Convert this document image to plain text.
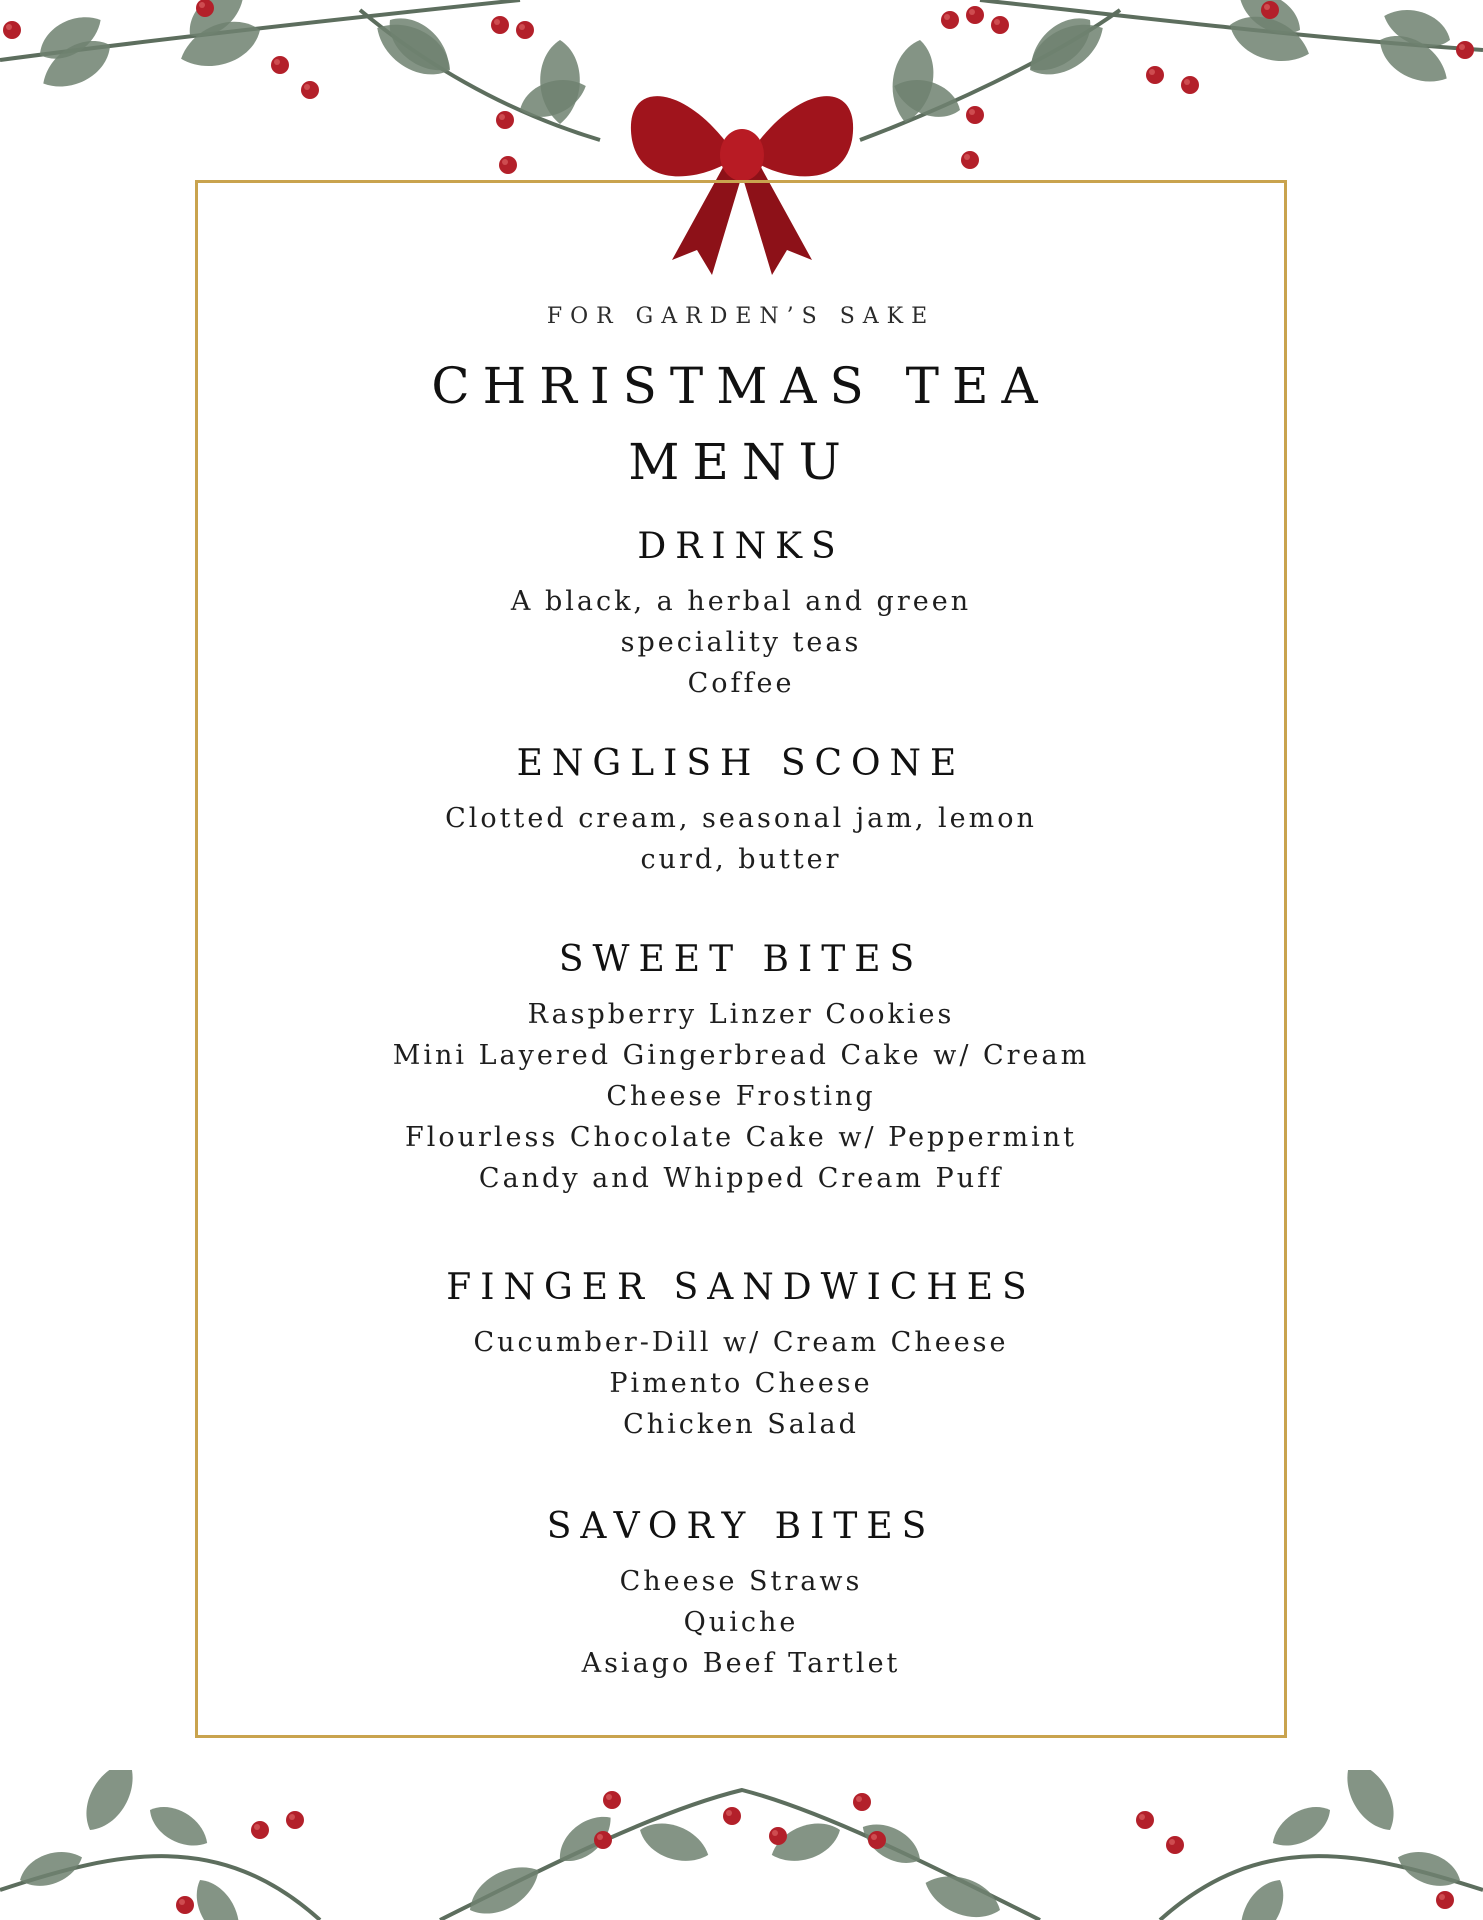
FOR GARDEN’S SAKE
CHRISTMAS TEA
MENU
DRINKS
A black, a herbal and green
speciality teas
Coffee
ENGLISH SCONE
Clotted cream, seasonal jam, lemon
curd, butter
SWEET BITES
Raspberry Linzer Cookies
Mini Layered Gingerbread Cake w/ Cream
Cheese Frosting
Flourless Chocolate Cake w/ Peppermint
Candy and Whipped Cream Puff
FINGER SANDWICHES
Cucumber-Dill w/ Cream Cheese
Pimento Cheese
Chicken Salad
SAVORY BITES
Cheese Straws
Quiche
Asiago Beef Tartlet
